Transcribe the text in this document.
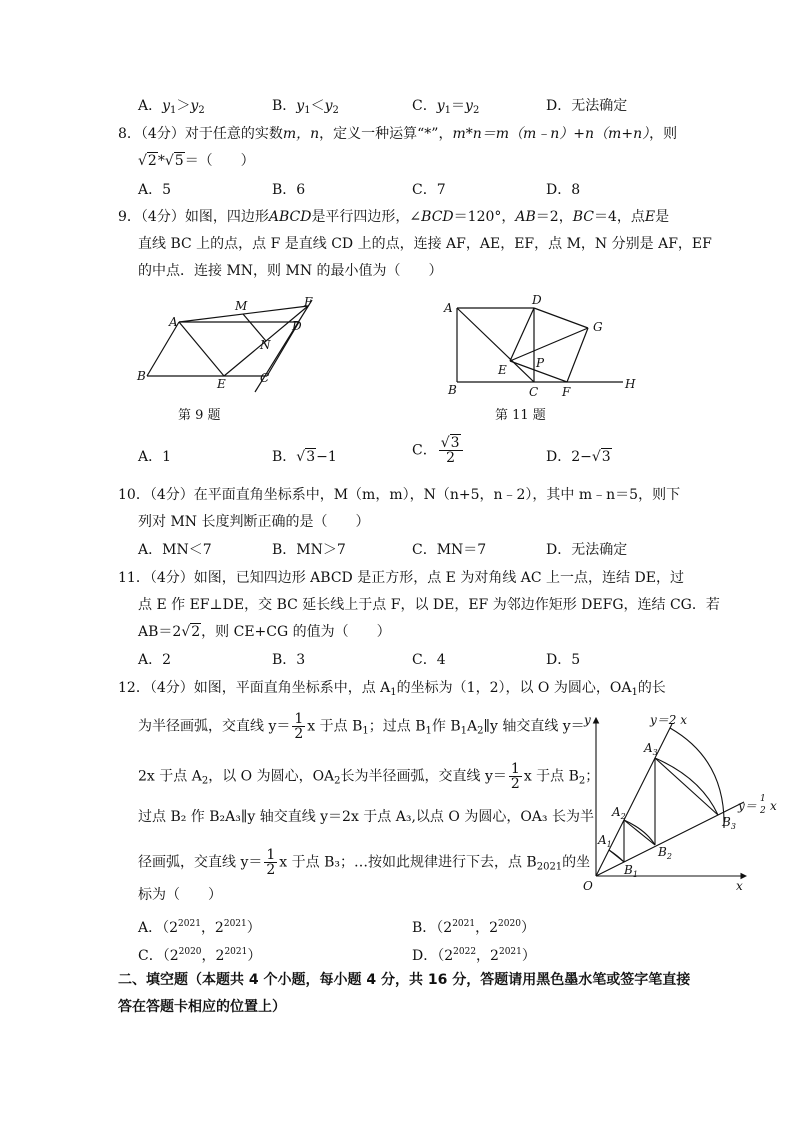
A．$y_1>y_2$	B．$y_1<y_2$	C．$y_1=y_2$	D．无法确定
8．（4分）对于任意的实数m，n，定义一种运算“*”，m*n＝m（m﹣n）+n（m+n），则
√2*√5＝（　　）
A．5	B．6	C．7	D．8
9．（4分）如图，四边形ABCD是平行四边形，∠BCD＝120°，AB＝2，BC＝4，点E是
直线 BC 上的点，点 F 是直线 CD 上的点，连接 AF，AE，EF，点 M，N 分别是 AF，EF
的中点．连接 MN，则 MN 的最小值为（　　）
A
B	C
D
E
F
M
N
第 9 题
A
B	C
D
E
F
G
H
P
第 11 题
A．1	B．√3−1	C． $\frac{√3}{2}$	D．2−√3
10．（4分）在平面直角坐标系中，M（m，m），N（n+5，n﹣2），其中 m﹣n＝5，则下
列对 MN 长度判断正确的是（　　）
A．MN＜7	B．MN＞7	C．MN＝7	D．无法确定
11．（4分）如图，已知四边形 ABCD 是正方形，点 E 为对角线 AC 上一点，连结 DE，过
点 E 作 EF⊥DE，交 BC 延长线上于点 F，以 DE，EF 为邻边作矩形 DEFG，连结 CG．若
AB＝2√2，则 CE+CG 的值为（　　）
A．2	B．3	C．4	D．5
12．（4分）如图，平面直角坐标系中，点 $A_1$的坐标为（1，2），以 O 为圆心，$OA_1$的长
为半径画弧，交直线 $y= \frac{1}{2}$ x 于点 $B_1$；过点 $B_1$作 $B_1A_2\parallel y$ 轴交直线 y＝
2x 于点 $A_2$，以 O 为圆心，$OA_2$长为半径画弧，交直线 $y= \frac{1}{2}$ x 于点 $B_2$；
过点 B₂ 作 B₂A₃∥y 轴交直线 y＝2x 于点 A₃,以点 O 为圆心，OA₃ 长为半
径画弧，交直线 $y= \frac{1}{2}$ x 于点 B₃；…按如此规律进行下去，点 $B_{2021}$的坐
标为（　　）
y
x
O
y＝2 x
y＝ 1
2 x
$A_1$
$A_2$
$A_3$
$B_1$
$B_2$
$B_3$
A．（$2^{2021}$，$2^{2021}$）	B．（$2^{2021}$，$2^{2020}$）
C．（$2^{2020}$，$2^{2021}$）	D．（$2^{2022}$，$2^{2021}$）
二、填空题（本题共 4 个小题，每小题 4 分，共 16 分，答题请用黑色墨水笔或签字笔直接
答在答题卡相应的位置上）
